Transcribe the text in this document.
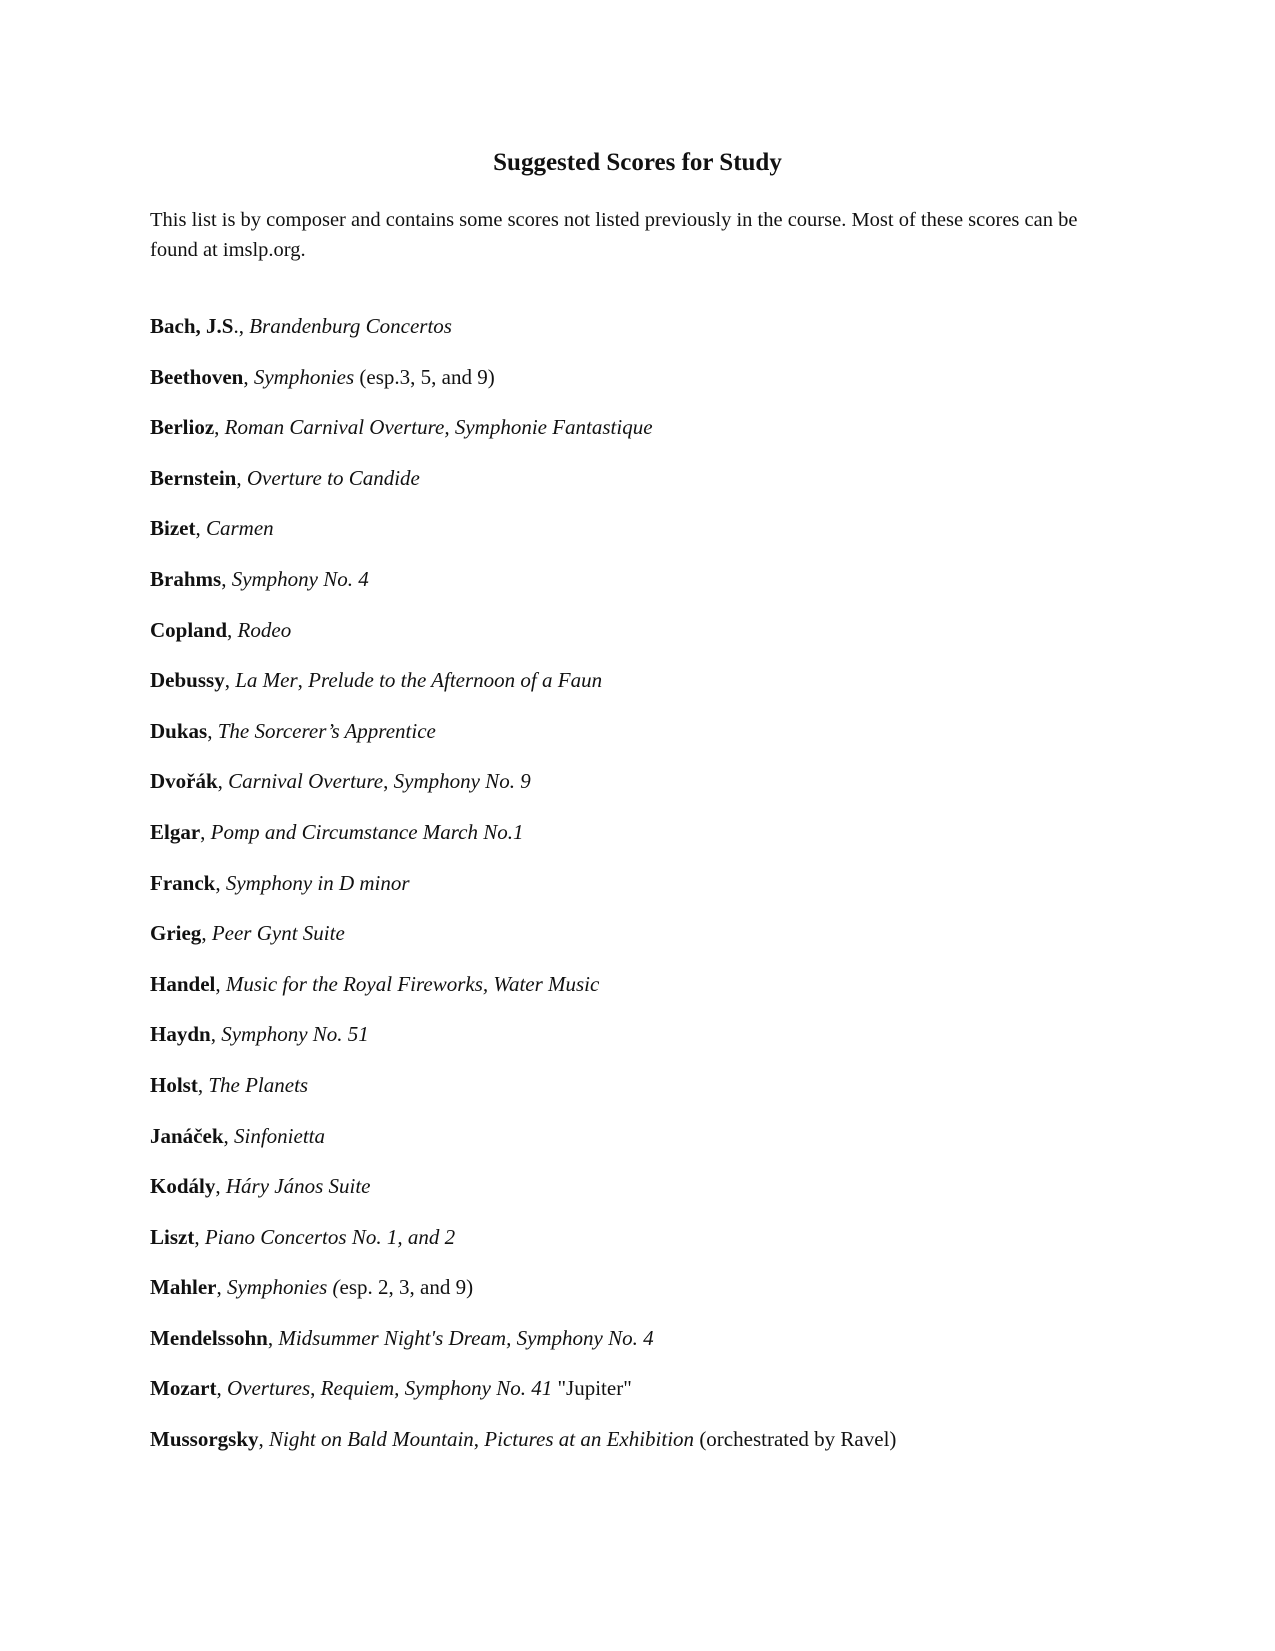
Suggested Scores for Study
This list is by composer and contains some scores not listed previously in the course. Most of these scores can be found at imslp.org.
Bach, J.S., Brandenburg Concertos
Beethoven, Symphonies (esp.3, 5, and 9)
Berlioz, Roman Carnival Overture, Symphonie Fantastique
Bernstein, Overture to Candide
Bizet, Carmen
Brahms, Symphony No. 4
Copland, Rodeo
Debussy, La Mer, Prelude to the Afternoon of a Faun
Dukas, The Sorcerer’s Apprentice
Dvořák, Carnival Overture, Symphony No. 9
Elgar, Pomp and Circumstance March No.1
Franck, Symphony in D minor
Grieg, Peer Gynt Suite
Handel, Music for the Royal Fireworks, Water Music
Haydn, Symphony No. 51
Holst, The Planets
Janáček, Sinfonietta
Kodály, Háry János Suite
Liszt, Piano Concertos No. 1, and 2
Mahler, Symphonies (esp. 2, 3, and 9)
Mendelssohn, Midsummer Night's Dream, Symphony No. 4
Mozart, Overtures, Requiem, Symphony No. 41 "Jupiter"
Mussorgsky, Night on Bald Mountain, Pictures at an Exhibition (orchestrated by Ravel)
